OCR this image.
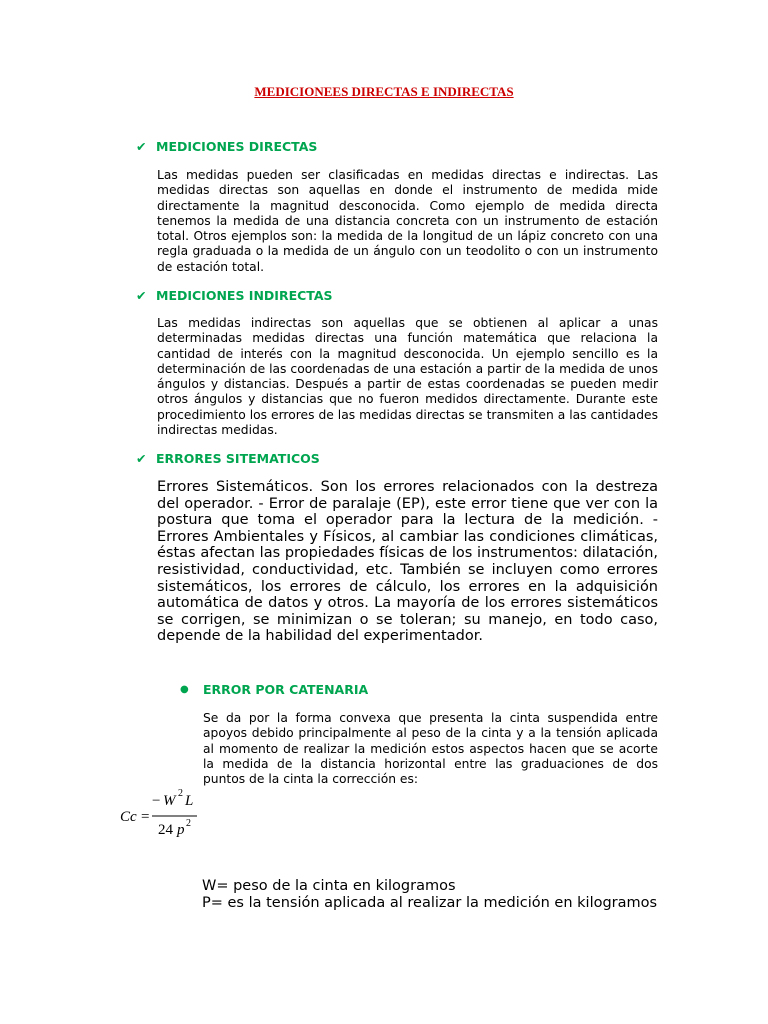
MEDICIONEES DIRECTAS E INDIRECTAS
✔ MEDICIONES DIRECTAS
Las medidas pueden ser clasificadas en medidas directas e indirectas. Las medidas directas son aquellas en donde el instrumento de medida mide directamente la magnitud desconocida. Como ejemplo de medida directa tenemos la medida de una distancia concreta con un instrumento de estación total. Otros ejemplos son: la medida de la longitud de un lápiz concreto con una regla graduada o la medida de un ángulo con un teodolito o con un instrumento de estación total.
✔ MEDICIONES INDIRECTAS
Las medidas indirectas son aquellas que se obtienen al aplicar a unas determinadas medidas directas una función matemática que relaciona la cantidad de interés con la magnitud desconocida. Un ejemplo sencillo es la determinación de las coordenadas de una estación a partir de la medida de unos ángulos y distancias. Después a partir de estas coordenadas se pueden medir otros ángulos y distancias que no fueron medidos directamente. Durante este procedimiento los errores de las medidas directas se transmiten a las cantidades indirectas medidas.
✔ ERRORES SITEMATICOS
Errores Sistemáticos. Son los errores relacionados con la destreza del operador. - Error de paralaje (EP), este error tiene que ver con la postura que toma el operador para la lectura de la medición. - Errores Ambientales y Físicos, al cambiar las condiciones climáticas, éstas afectan las propiedades físicas de los instrumentos: dilatación, resistividad, conductividad, etc. También se incluyen como errores sistemáticos, los errores de cálculo, los errores en la adquisición automática de datos y otros. La mayoría de los errores sistemáticos se corrigen, se minimizan o se toleran; su manejo, en todo caso, depende de la habilidad del experimentador.
● ERROR POR CATENARIA
Se da por la forma convexa que presenta la cinta suspendida entre apoyos debido principalmente al peso de la cinta y a la tensión aplicada al momento de realizar la medición estos aspectos hacen que se acorte la medida de la distancia horizontal entre las graduaciones de dos puntos de la cinta la corrección es:
Cc =
− W 2 L
24 p 2
W= peso de la cinta en kilogramos
P= es la tensión aplicada al realizar la medición en kilogramos
